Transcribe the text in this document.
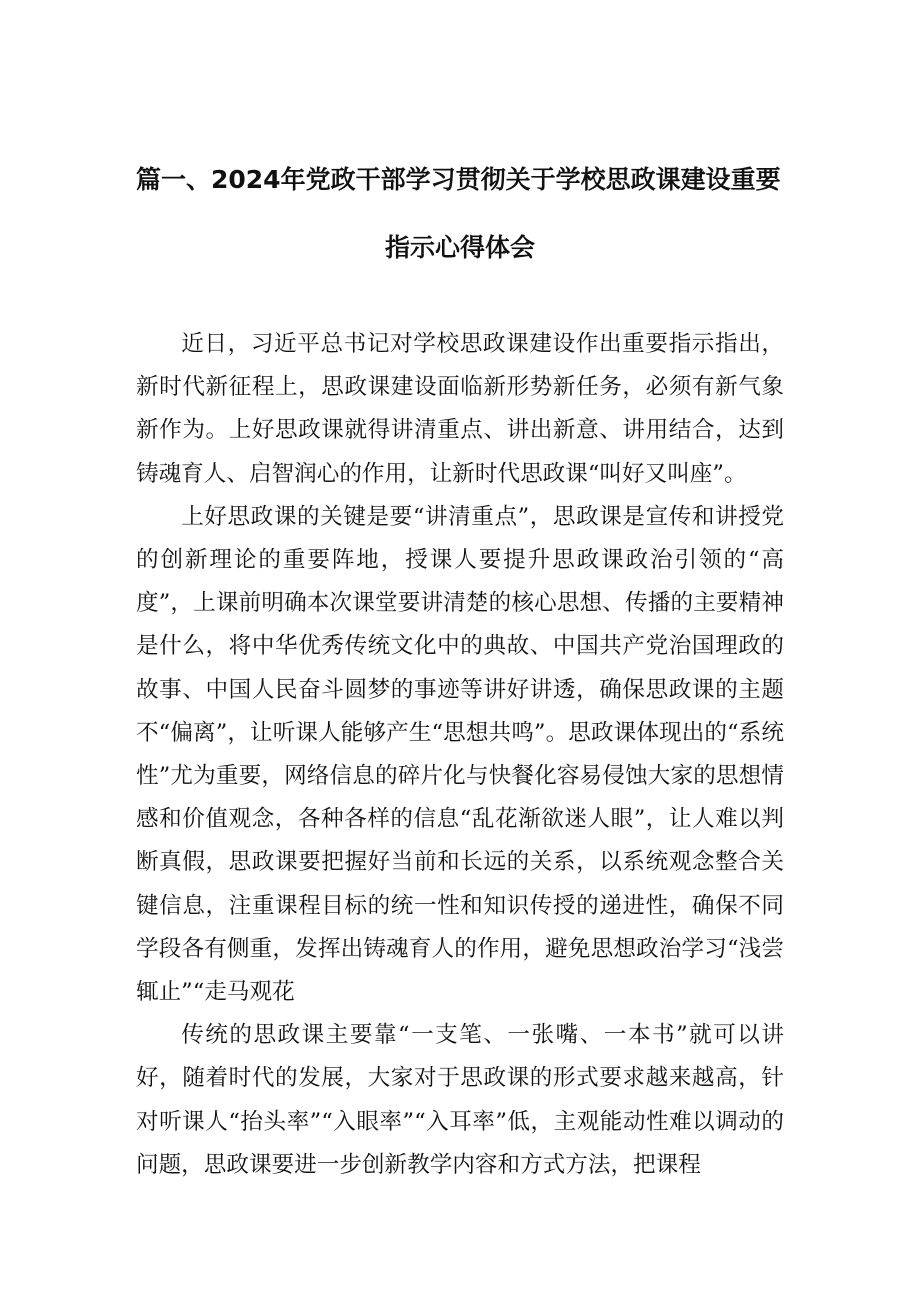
篇一、2024年党政干部学习贯彻关于学校思政课建设重要
指示心得体会

近日，习近平总书记对学校思政课建设作出重要指示指出，新时代新征程上，思政课建设面临新形势新任务，必须有新气象新作为。上好思政课就得讲清重点、讲出新意、讲用结合，达到铸魂育人、启智润心的作用，让新时代思政课“叫好又叫座”。

上好思政课的关键是要“讲清重点”，思政课是宣传和讲授党的创新理论的重要阵地，授课人要提升思政课政治引领的“高度”，上课前明确本次课堂要讲清楚的核心思想、传播的主要精神是什么，将中华优秀传统文化中的典故、中国共产党治国理政的故事、中国人民奋斗圆梦的事迹等讲好讲透，确保思政课的主题不“偏离”，让听课人能够产生“思想共鸣”。思政课体现出的“系统性”尤为重要，网络信息的碎片化与快餐化容易侵蚀大家的思想情感和价值观念，各种各样的信息“乱花渐欲迷人眼”，让人难以判断真假，思政课要把握好当前和长远的关系，以系统观念整合关键信息，注重课程目标的统一性和知识传授的递进性，确保不同学段各有侧重，发挥出铸魂育人的作用，避免思想政治学习“浅尝辄止”“走马观花

传统的思政课主要靠“一支笔、一张嘴、一本书”就可以讲好，随着时代的发展，大家对于思政课的形式要求越来越高，针对听课人“抬头率”“入眼率”“入耳率”低，主观能动性难以调动的问题，思政课要进一步创新教学内容和方式方法，把课程
